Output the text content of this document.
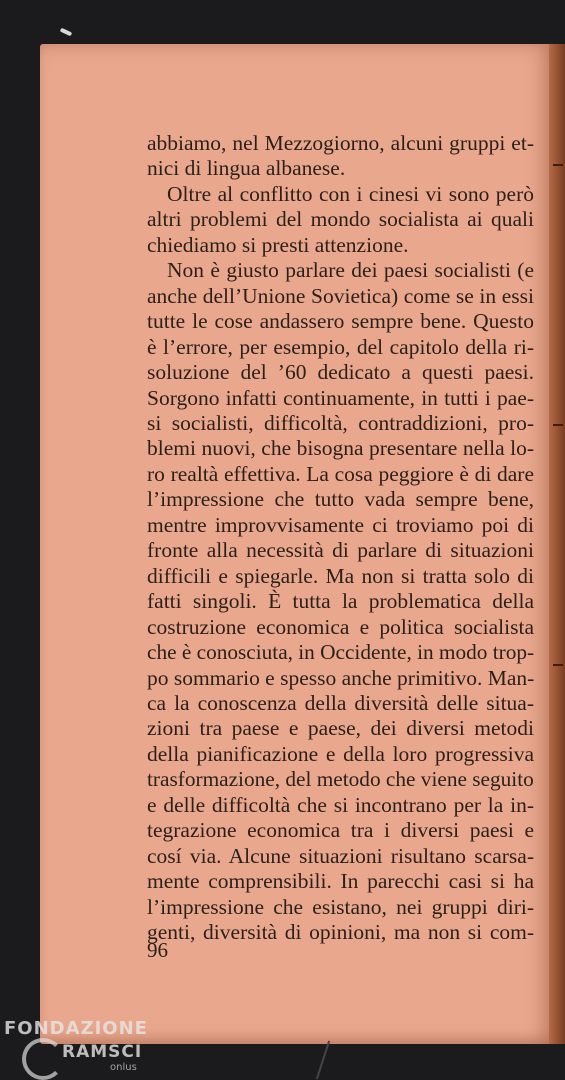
abbiamo, nel Mezzogiorno, alcuni gruppi et-
nici di lingua albanese.
Oltre al conflitto con i cinesi vi sono però
altri problemi del mondo socialista ai quali
chiediamo si presti attenzione.
Non è giusto parlare dei paesi socialisti (e
anche dell’Unione Sovietica) come se in essi
tutte le cose andassero sempre bene. Questo
è l’errore, per esempio, del capitolo della ri-
soluzione del ’60 dedicato a questi paesi.
Sorgono infatti continuamente, in tutti i pae-
si socialisti, difficoltà, contraddizioni, pro-
blemi nuovi, che bisogna presentare nella lo-
ro realtà effettiva. La cosa peggiore è di dare
l’impressione che tutto vada sempre bene,
mentre improvvisamente ci troviamo poi di
fronte alla necessità di parlare di situazioni
difficili e spiegarle. Ma non si tratta solo di
fatti singoli. È tutta la problematica della
costruzione economica e politica socialista
che è conosciuta, in Occidente, in modo trop-
po sommario e spesso anche primitivo. Man-
ca la conoscenza della diversità delle situa-
zioni tra paese e paese, dei diversi metodi
della pianificazione e della loro progressiva
trasformazione, del metodo che viene seguito
e delle difficoltà che si incontrano per la in-
tegrazione economica tra i diversi paesi e
cosí via. Alcune situazioni risultano scarsa-
mente comprensibili. In parecchi casi si ha
l’impressione che esistano, nei gruppi diri-
genti, diversità di opinioni, ma non si com-
96
FONDAZIONE
RAMSCI
onlus
